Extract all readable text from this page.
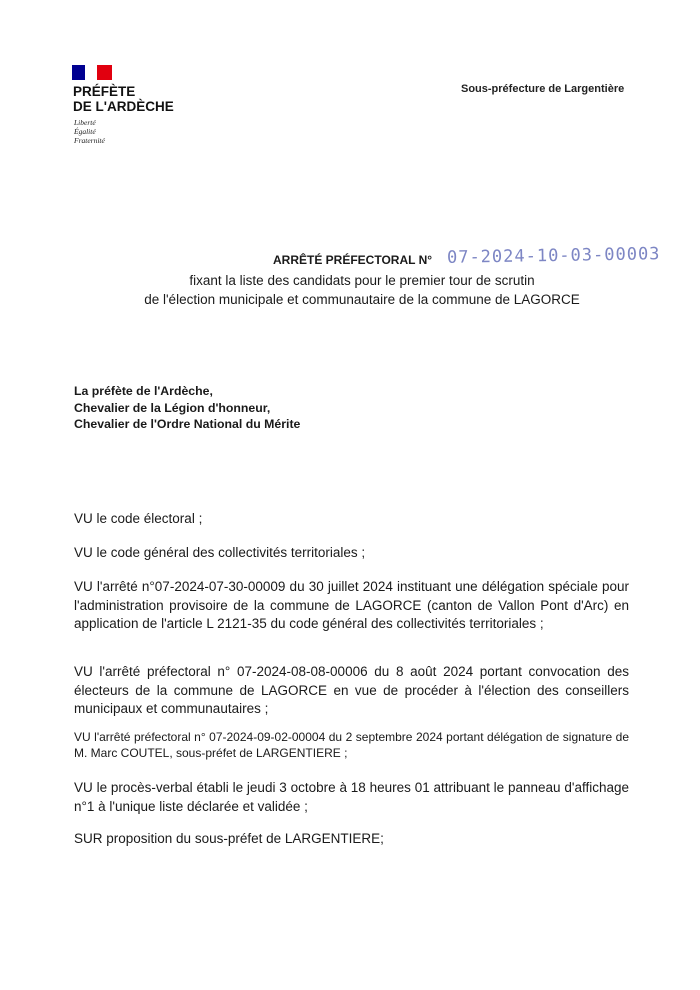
PRÉFÈTE
DE L'ARDÈCHE
Liberté
Égalité
Fraternité
Sous-préfecture de Largentière
ARRÊTÉ PRÉFECTORAL N° 07-2024-10-03-00003
fixant la liste des candidats pour le premier tour de scrutin
de l'élection municipale et communautaire de la commune de LAGORCE
La préfète de l'Ardèche,
Chevalier de la Légion d'honneur,
Chevalier de l'Ordre National du Mérite
VU le code électoral ;
VU le code général des collectivités territoriales ;
VU l'arrêté n°07-2024-07-30-00009 du 30 juillet 2024 instituant une délégation spéciale pour l'administration provisoire de la commune de LAGORCE (canton de Vallon Pont d'Arc) en application de l'article L 2121-35 du code général des collectivités territoriales ;
VU l'arrêté préfectoral n° 07-2024-08-08-00006 du 8 août 2024 portant convocation des électeurs de la commune de LAGORCE en vue de procéder à l'élection des conseillers municipaux et communautaires ;
VU l'arrêté préfectoral n° 07-2024-09-02-00004 du 2 septembre 2024 portant délégation de signature de M. Marc COUTEL, sous-préfet de LARGENTIERE ;
VU le procès-verbal établi le jeudi 3 octobre à 18 heures 01 attribuant le panneau d'affichage n°1 à l'unique liste déclarée et validée ;
SUR proposition du sous-préfet de LARGENTIERE;
